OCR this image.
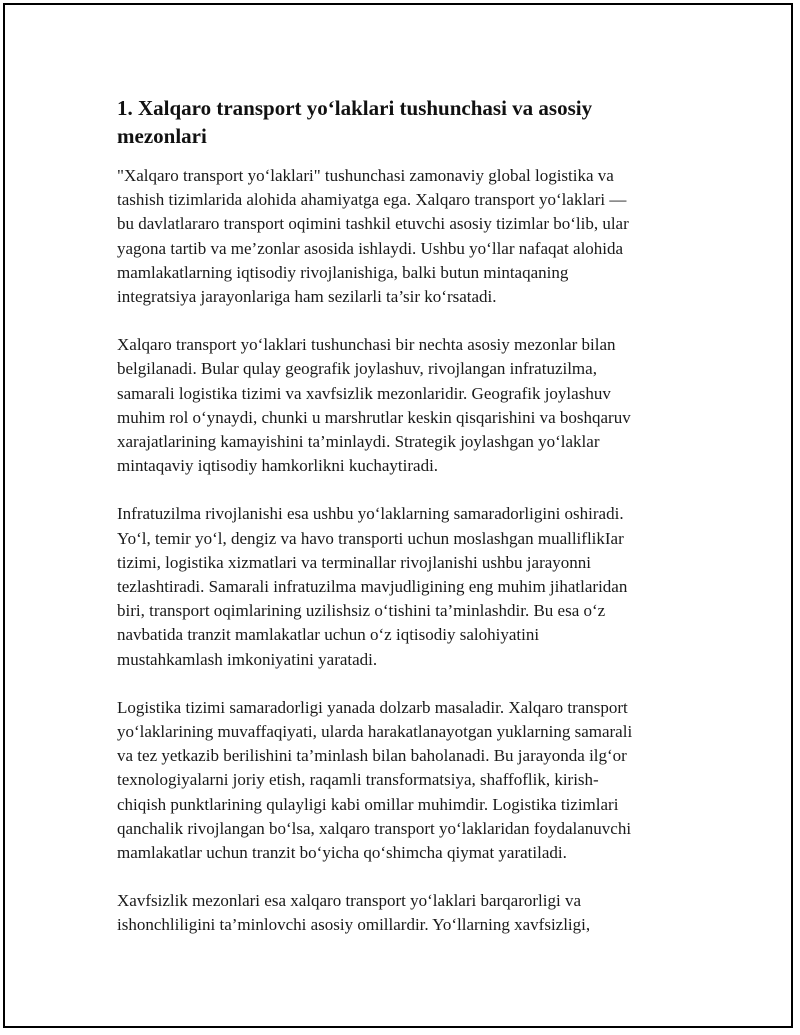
1. Xalqaro transport yo‘laklari tushunchasi va asosiy
mezonlari

"Xalqaro transport yo‘laklari" tushunchasi zamonaviy global logistika va
tashish tizimlarida alohida ahamiyatga ega. Xalqaro transport yo‘laklari —
bu davlatlararo transport oqimini tashkil etuvchi asosiy tizimlar bo‘lib, ular
yagona tartib va me’zonlar asosida ishlaydi. Ushbu yo‘llar nafaqat alohida
mamlakatlarning iqtisodiy rivojlanishiga, balki butun mintaqaning
integratsiya jarayonlariga ham sezilarli ta’sir ko‘rsatadi.

Xalqaro transport yo‘laklari tushunchasi bir nechta asosiy mezonlar bilan
belgilanadi. Bular qulay geografik joylashuv, rivojlangan infratuzilma,
samarali logistika tizimi va xavfsizlik mezonlaridir. Geografik joylashuv
muhim rol o‘ynaydi, chunki u marshrutlar keskin qisqarishini va boshqaruv
xarajatlarining kamayishini ta’minlaydi. Strategik joylashgan yo‘laklar
mintaqaviy iqtisodiy hamkorlikni kuchaytiradi.

Infratuzilma rivojlanishi esa ushbu yo‘laklarning samaradorligini oshiradi.
Yo‘l, temir yo‘l, dengiz va havo transporti uchun moslashgan mualliflikIar
tizimi, logistika xizmatlari va terminallar rivojlanishi ushbu jarayonni
tezlashtiradi. Samarali infratuzilma mavjudligining eng muhim jihatlaridan
biri, transport oqimlarining uzilishsiz o‘tishini ta’minlashdir. Bu esa o‘z
navbatida tranzit mamlakatlar uchun o‘z iqtisodiy salohiyatini
mustahkamlash imkoniyatini yaratadi.

Logistika tizimi samaradorligi yanada dolzarb masaladir. Xalqaro transport
yo‘laklarining muvaffaqiyati, ularda harakatlanayotgan yuklarning samarali
va tez yetkazib berilishini ta’minlash bilan baholanadi. Bu jarayonda ilg‘or
texnologiyalarni joriy etish, raqamli transformatsiya, shaffoflik, kirish-
chiqish punktlarining qulayligi kabi omillar muhimdir. Logistika tizimlari
qanchalik rivojlangan bo‘lsa, xalqaro transport yo‘laklaridan foydalanuvchi
mamlakatlar uchun tranzit bo‘yicha qo‘shimcha qiymat yaratiladi.

Xavfsizlik mezonlari esa xalqaro transport yo‘laklari barqarorligi va
ishonchliligini ta’minlovchi asosiy omillardir. Yo‘llarning xavfsizligi,
